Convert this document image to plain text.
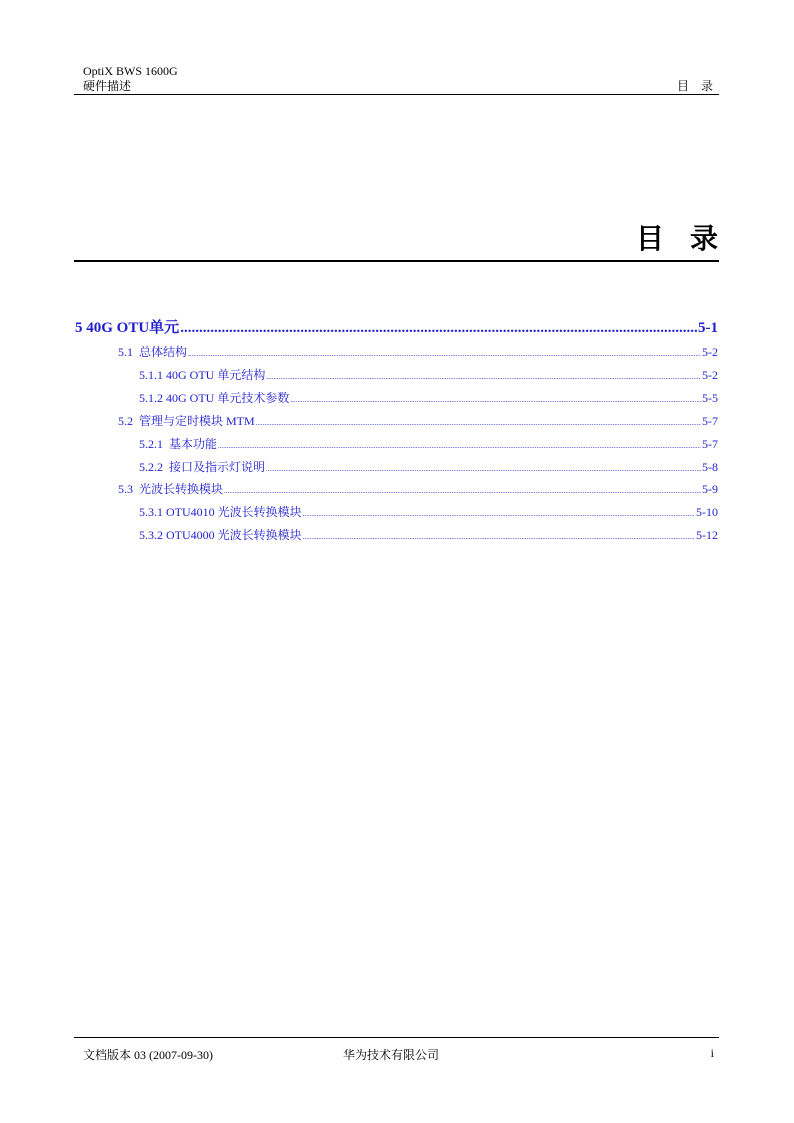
OptiX BWS 1600G
硬件描述	目录
目录
5 40G OTU单元 .....	5-1
5.1 总体结构 .....	5-2
5.1.1 40G OTU 单元结构 .....	5-2
5.1.2 40G OTU 单元技术参数 .....	5-5
5.2 管理与定时模块 MTM .....	5-7
5.2.1 基本功能 .....	5-7
5.2.2 接口及指示灯说明 .....	5-8
5.3 光波长转换模块 .....	5-9
5.3.1 OTU4010 光波长转换模块 .....	5-10
5.3.2 OTU4000 光波长转换模块 .....	5-12
文档版本 03 (2007-09-30)	华为技术有限公司	i
